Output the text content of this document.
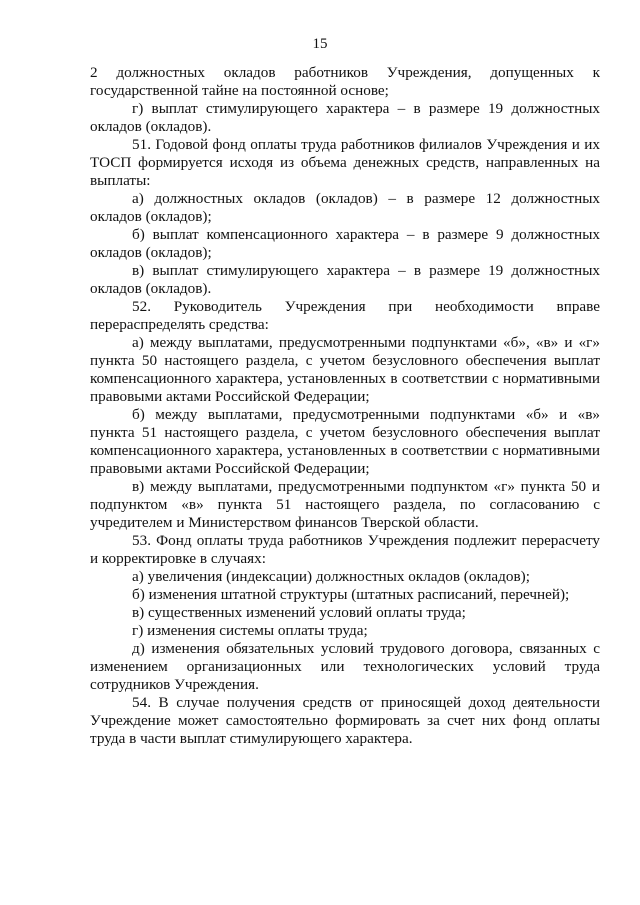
15

2 должностных окладов работников Учреждения, допущенных к государственной тайне на постоянной основе;

г) выплат стимулирующего характера – в размере 19 должностных окладов (окладов).

51. Годовой фонд оплаты труда работников филиалов Учреждения и их ТОСП формируется исходя из объема денежных средств, направленных на выплаты:

а) должностных окладов (окладов) – в размере 12 должностных окладов (окладов);

б) выплат компенсационного характера – в размере 9 должностных окладов (окладов);

в) выплат стимулирующего характера – в размере 19 должностных окладов (окладов).

52. Руководитель Учреждения при необходимости вправе перераспределять средства:

а) между выплатами, предусмотренными подпунктами «б», «в» и «г» пункта 50 настоящего раздела, с учетом безусловного обеспечения выплат компенсационного характера, установленных в соответствии с нормативными правовыми актами Российской Федерации;

б) между выплатами, предусмотренными подпунктами «б» и «в» пункта 51 настоящего раздела, с учетом безусловного обеспечения выплат компенсационного характера, установленных в соответствии с нормативными правовыми актами Российской Федерации;

в) между выплатами, предусмотренными подпунктом «г» пункта 50 и подпунктом «в» пункта 51 настоящего раздела, по согласованию с учредителем и Министерством финансов Тверской области.

53. Фонд оплаты труда работников Учреждения подлежит перерасчету и корректировке в случаях:

а) увеличения (индексации) должностных окладов (окладов);

б) изменения штатной структуры (штатных расписаний, перечней);

в) существенных изменений условий оплаты труда;

г) изменения системы оплаты труда;

д) изменения обязательных условий трудового договора, связанных с изменением организационных или технологических условий труда сотрудников Учреждения.

54. В случае получения средств от приносящей доход деятельности Учреждение может самостоятельно формировать за счет них фонд оплаты труда в части выплат стимулирующего характера.
